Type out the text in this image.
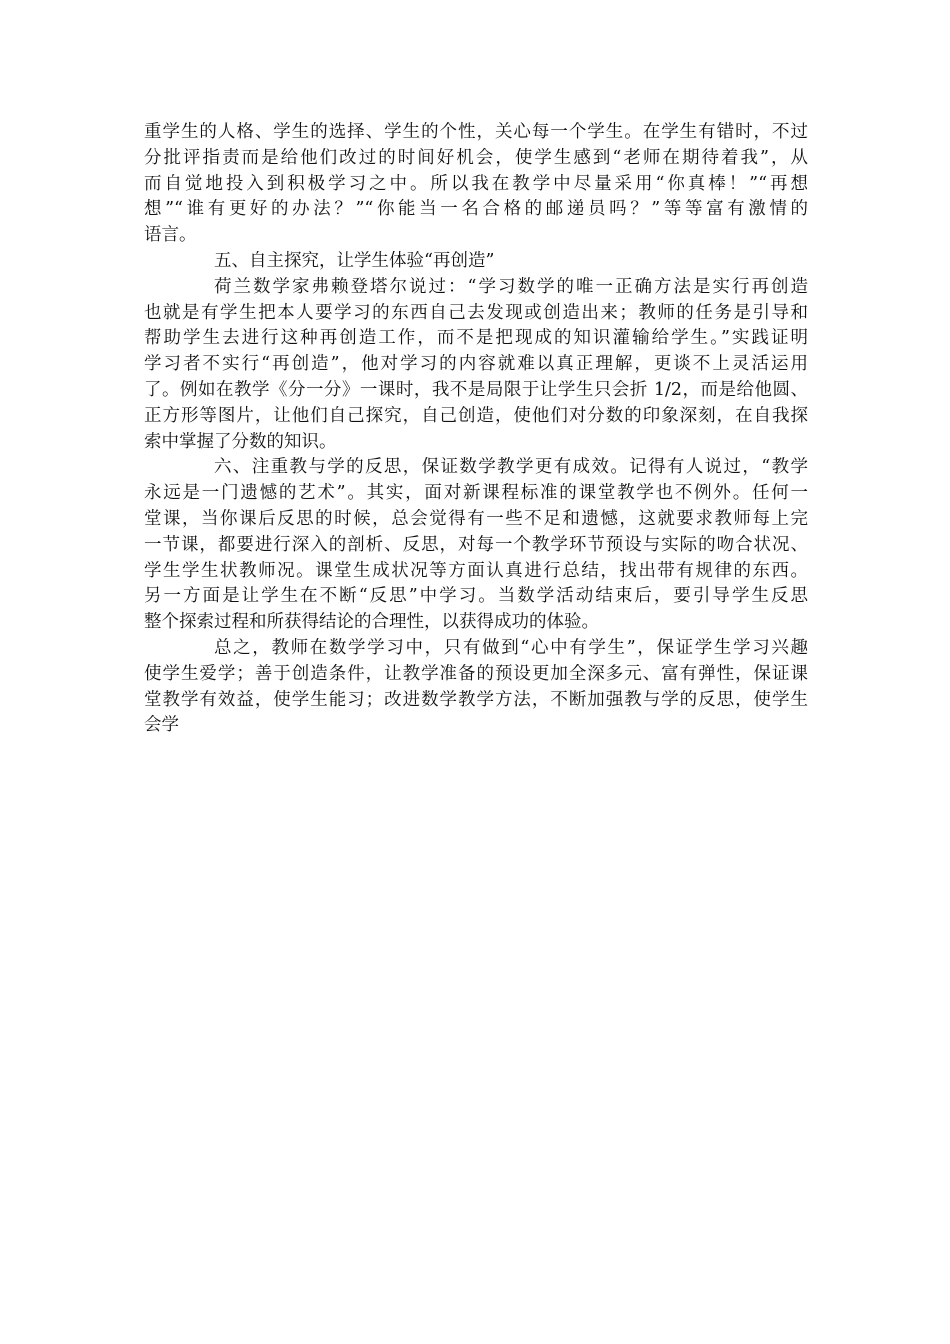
重学生的人格、学生的选择、学生的个性，关心每一个学生。在学生有错时，不过
分批评指责而是给他们改过的时间好机会，使学生感到“老师在期待着我”，从
而自觉地投入到积极学习之中。所以我在教学中尽量采用“你真棒！”“再想
想”“谁有更好的办法？”“你能当一名合格的邮递员吗？”等等富有激情的
语言。
五、自主探究，让学生体验“再创造”
荷兰数学家弗赖登塔尔说过：“学习数学的唯一正确方法是实行再创造
也就是有学生把本人要学习的东西自己去发现或创造出来；教师的任务是引导和
帮助学生去进行这种再创造工作，而不是把现成的知识灌输给学生。”实践证明
学习者不实行“再创造”，他对学习的内容就难以真正理解，更谈不上灵活运用
了。例如在教学《分一分》一课时，我不是局限于让学生只会折 1/2，而是给他圆、
正方形等图片，让他们自己探究，自己创造，使他们对分数的印象深刻，在自我探
索中掌握了分数的知识。
六、注重教与学的反思，保证数学教学更有成效。记得有人说过，“教学
永远是一门遗憾的艺术”。其实，面对新课程标准的课堂教学也不例外。任何一
堂课，当你课后反思的时候，总会觉得有一些不足和遗憾，这就要求教师每上完
一节课，都要进行深入的剖析、反思，对每一个教学环节预设与实际的吻合状况、
学生学生状教师况。课堂生成状况等方面认真进行总结，找出带有规律的东西。
另一方面是让学生在不断“反思”中学习。当数学活动结束后，要引导学生反思
整个探索过程和所获得结论的合理性，以获得成功的体验。
总之，教师在数学学习中，只有做到“心中有学生”，保证学生学习兴趣
使学生爱学；善于创造条件，让教学准备的预设更加全深多元、富有弹性，保证课
堂教学有效益，使学生能习；改进数学教学方法，不断加强教与学的反思，使学生
会学
